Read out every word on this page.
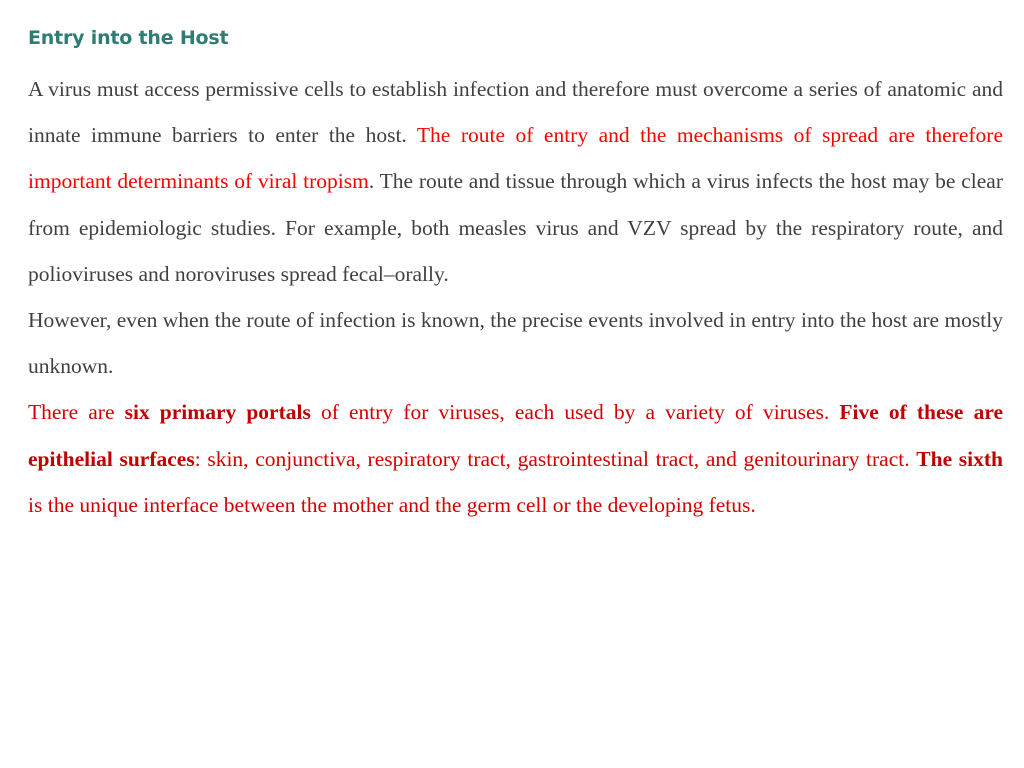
Entry into the Host

A virus must access permissive cells to establish infection and therefore must overcome a series of anatomic and innate immune barriers to enter the host. The route of entry and the mechanisms of spread are therefore important determinants of viral tropism. The route and tissue through which a virus infects the host may be clear from epidemiologic studies. For example, both measles virus and VZV spread by the respiratory route, and polioviruses and noroviruses spread fecal–orally.

However, even when the route of infection is known, the precise events involved in entry into the host are mostly unknown.

There are six primary portals of entry for viruses, each used by a variety of viruses. Five of these are epithelial surfaces: skin, conjunctiva, respiratory tract, gastrointestinal tract, and genitourinary tract. The sixth is the unique interface between the mother and the germ cell or the developing fetus.
